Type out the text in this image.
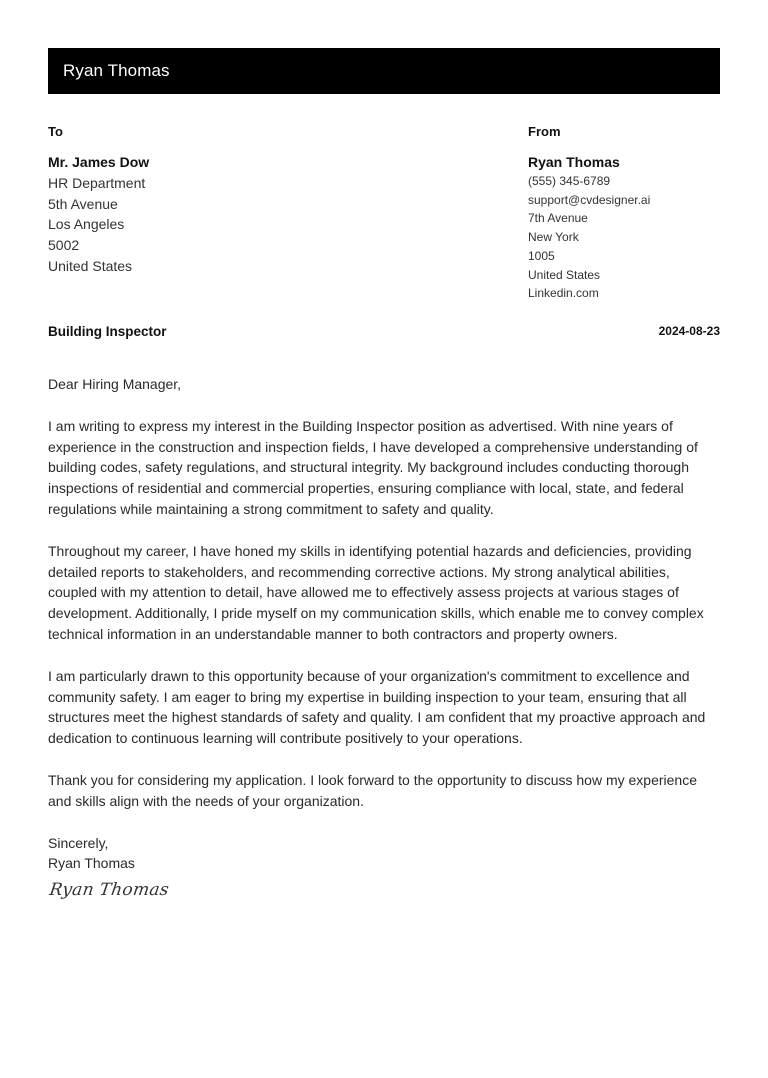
Ryan Thomas
To
Mr. James Dow
HR Department
5th Avenue
Los Angeles
5002
United States
From
Ryan Thomas
(555) 345-6789
support@cvdesigner.ai
7th Avenue
New York
1005
United States
Linkedin.com
Building Inspector	2024-08-23

Dear Hiring Manager,

I am writing to express my interest in the Building Inspector position as advertised. With nine years of experience in the construction and inspection fields, I have developed a comprehensive understanding of building codes, safety regulations, and structural integrity. My background includes conducting thorough inspections of residential and commercial properties, ensuring compliance with local, state, and federal regulations while maintaining a strong commitment to safety and quality.

Throughout my career, I have honed my skills in identifying potential hazards and deficiencies, providing detailed reports to stakeholders, and recommending corrective actions. My strong analytical abilities, coupled with my attention to detail, have allowed me to effectively assess projects at various stages of development. Additionally, I pride myself on my communication skills, which enable me to convey complex technical information in an understandable manner to both contractors and property owners.

I am particularly drawn to this opportunity because of your organization's commitment to excellence and community safety. I am eager to bring my expertise in building inspection to your team, ensuring that all structures meet the highest standards of safety and quality. I am confident that my proactive approach and dedication to continuous learning will contribute positively to your operations.

Thank you for considering my application. I look forward to the opportunity to discuss how my experience and skills align with the needs of your organization.

Sincerely,

Ryan Thomas

Ryan Thomas
